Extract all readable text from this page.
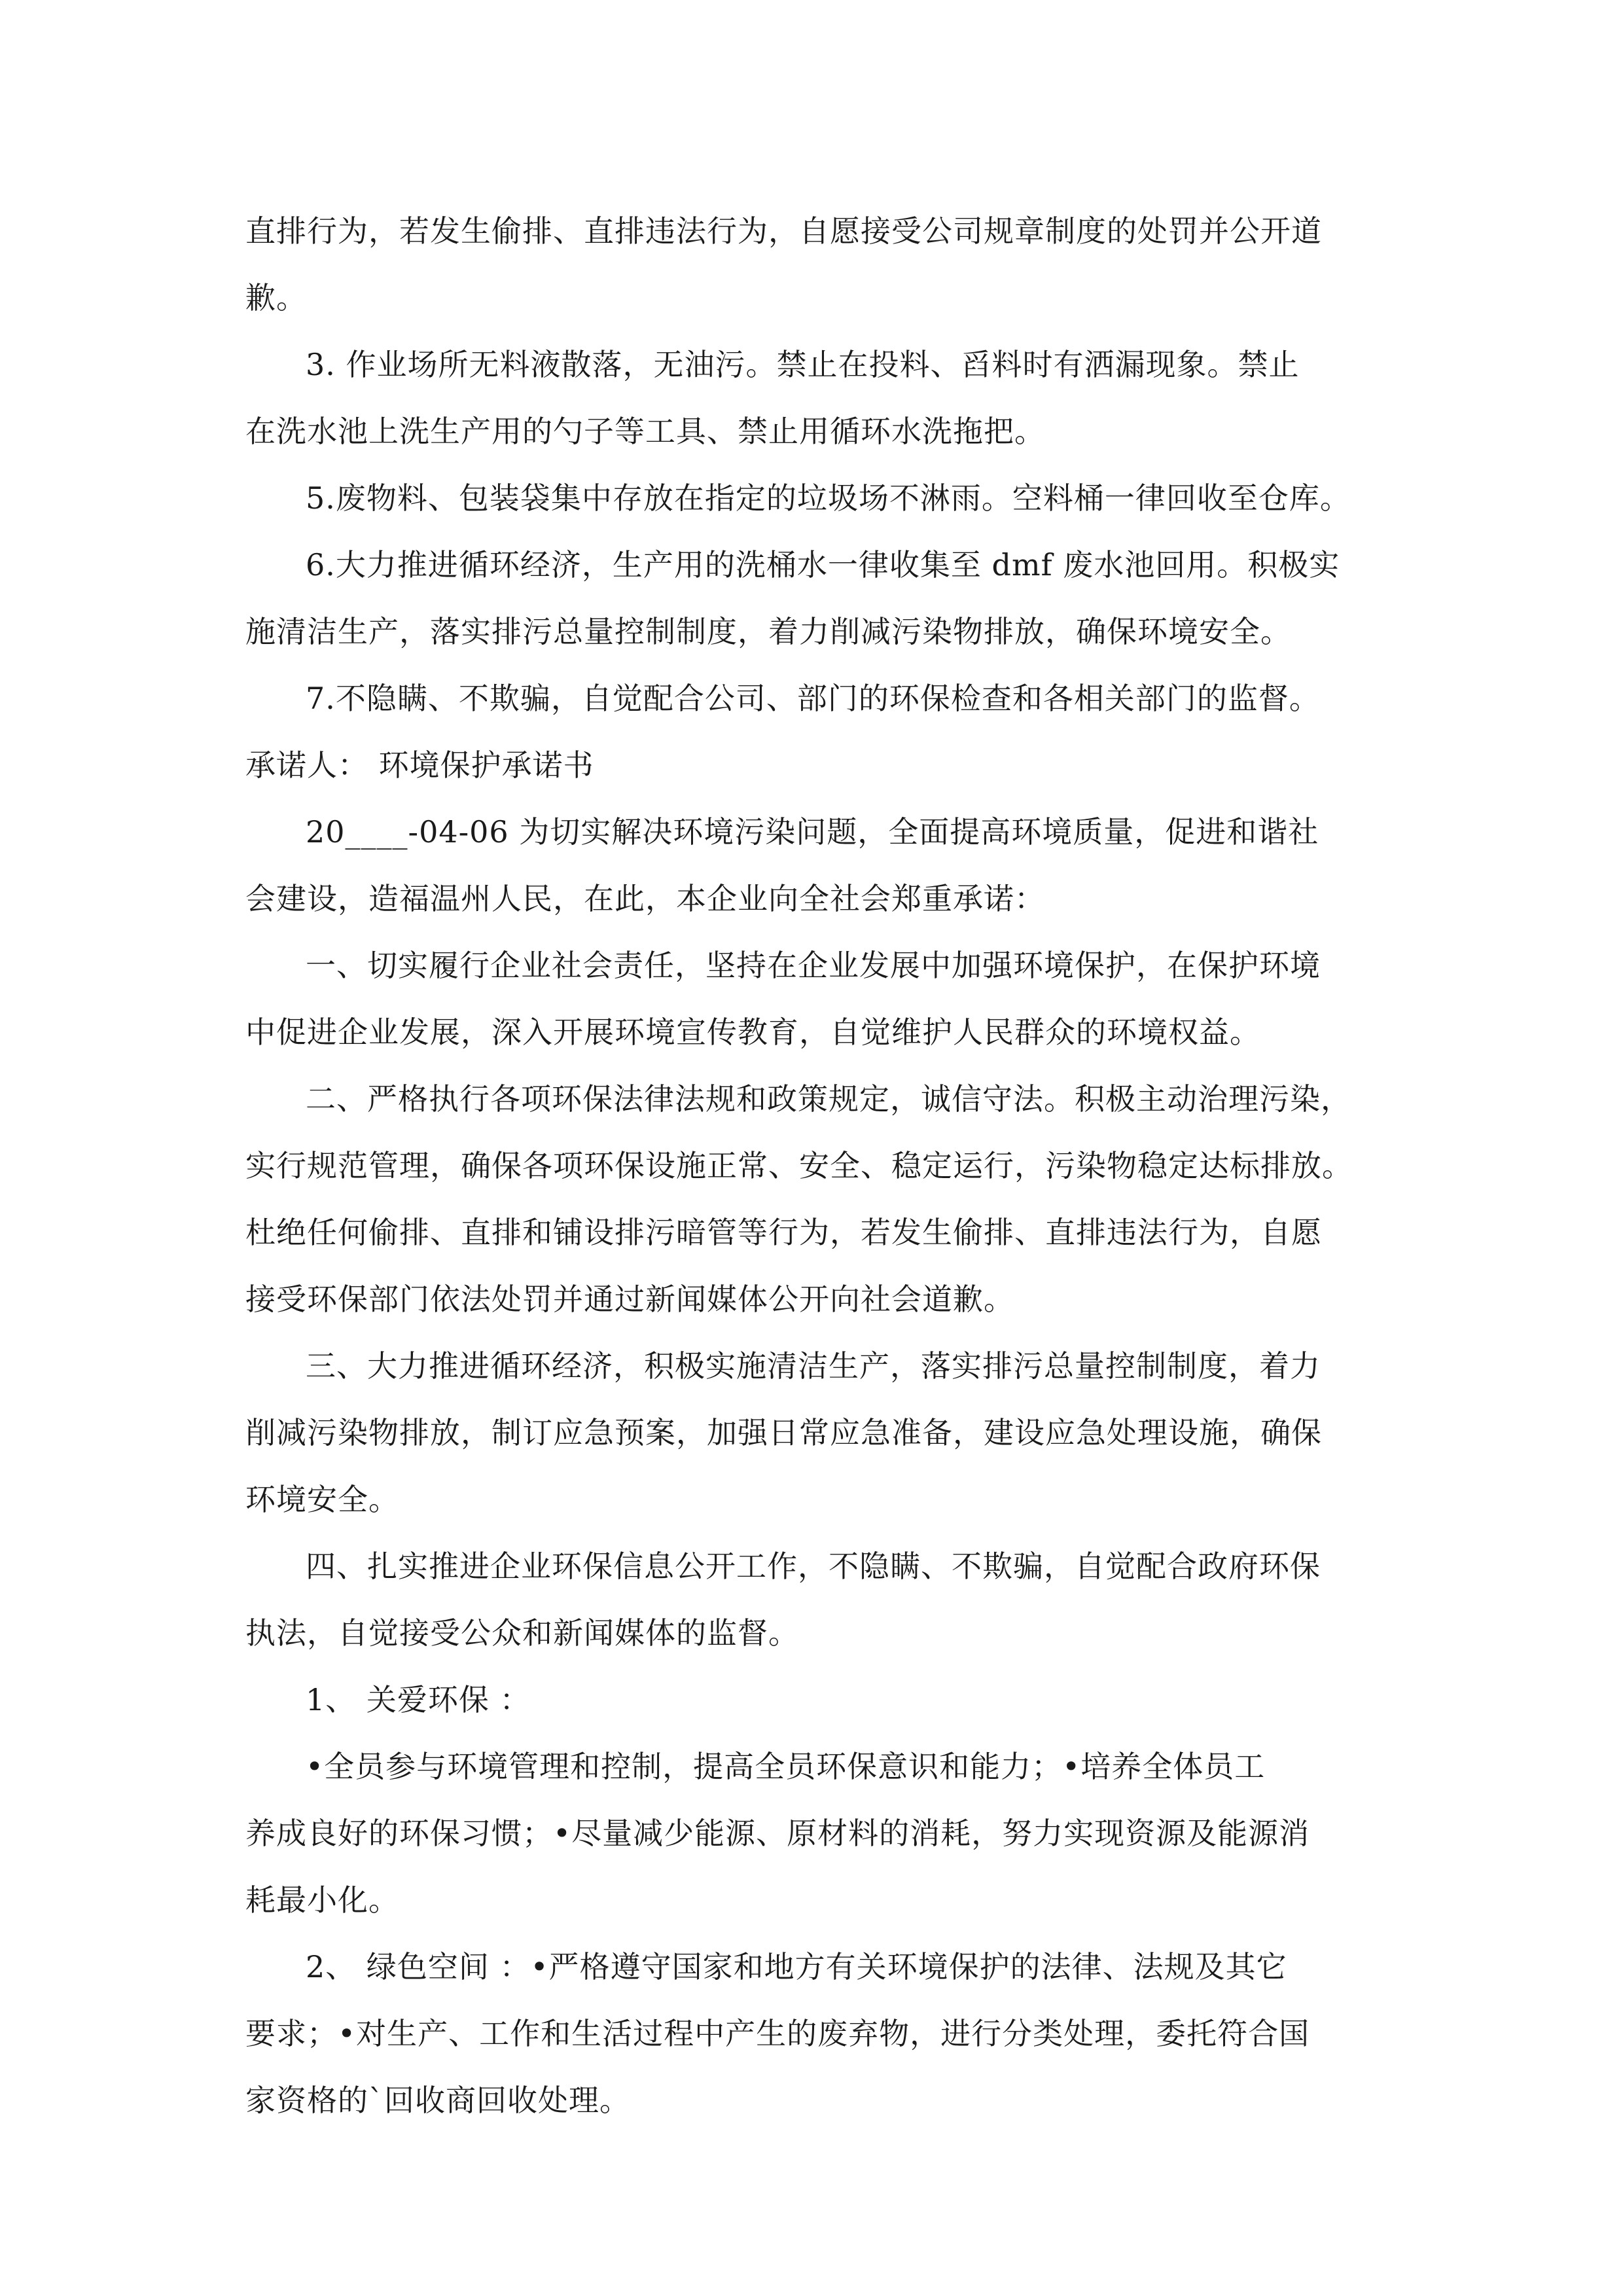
直排行为，若发生偷排、直排违法行为，自愿接受公司规章制度的处罚并公开道
歉。
3. 作业场所无料液散落，无油污。禁止在投料、舀料时有洒漏现象。禁止
在洗水池上洗生产用的勺子等工具、禁止用循环水洗拖把。
5.废物料、包装袋集中存放在指定的垃圾场不淋雨。空料桶一律回收至仓库。
6.大力推进循环经济，生产用的洗桶水一律收集至 dmf 废水池回用。积极实
施清洁生产，落实排污总量控制制度，着力削减污染物排放，确保环境安全。
7.不隐瞒、不欺骗，自觉配合公司、部门的环保检查和各相关部门的监督。
承诺人： 环境保护承诺书
20____-04-06 为切实解决环境污染问题，全面提高环境质量，促进和谐社
会建设，造福温州人民，在此，本企业向全社会郑重承诺：
一、切实履行企业社会责任，坚持在企业发展中加强环境保护，在保护环境
中促进企业发展，深入开展环境宣传教育，自觉维护人民群众的环境权益。
二、严格执行各项环保法律法规和政策规定，诚信守法。积极主动治理污染，
实行规范管理，确保各项环保设施正常、安全、稳定运行，污染物稳定达标排放。
杜绝任何偷排、直排和铺设排污暗管等行为，若发生偷排、直排违法行为，自愿
接受环保部门依法处罚并通过新闻媒体公开向社会道歉。
三、大力推进循环经济，积极实施清洁生产，落实排污总量控制制度，着力
削减污染物排放，制订应急预案，加强日常应急准备，建设应急处理设施，确保
环境安全。
四、扎实推进企业环保信息公开工作，不隐瞒、不欺骗，自觉配合政府环保
执法，自觉接受公众和新闻媒体的监督。
1、 关爱环保 ：
•全员参与环境管理和控制，提高全员环保意识和能力；•培养全体员工
养成良好的环保习惯；•尽量减少能源、原材料的消耗，努力实现资源及能源消
耗最小化。
2、 绿色空间 ：•严格遵守国家和地方有关环境保护的法律、法规及其它
要求；•对生产、工作和生活过程中产生的废弃物，进行分类处理，委托符合国
家资格的`回收商回收处理。
